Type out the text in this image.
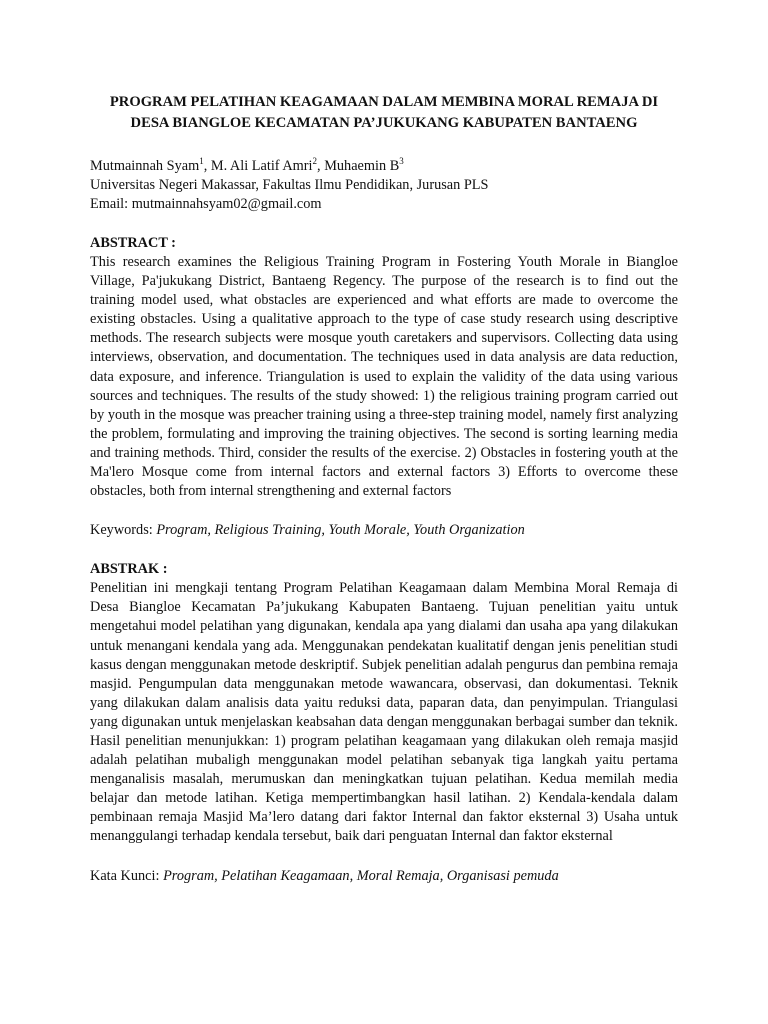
PROGRAM PELATIHAN KEAGAMAAN DALAM MEMBINA MORAL REMAJA DI
DESA BIANGLOE KECAMATAN PA’JUKUKANG KABUPATEN BANTAENG

Mutmainnah Syam$^1$, M. Ali Latif Amri$^2$, Muhaemin $B^3$

Universitas Negeri Makassar, Fakultas Ilmu Pendidikan, Jurusan PLS

Email: mutmainnahsyam02@gmail.com

ABSTRACT :

This research examines the Religious Training Program in Fostering Youth Morale in Biangloe Village, Pa'jukukang District, Bantaeng Regency. The purpose of the research is to find out the training model used, what obstacles are experienced and what efforts are made to overcome the existing obstacles. Using a qualitative approach to the type of case study research using descriptive methods. The research subjects were mosque youth caretakers and supervisors. Collecting data using interviews, observation, and documentation. The techniques used in data analysis are data reduction, data exposure, and inference. Triangulation is used to explain the validity of the data using various sources and techniques. The results of the study showed: 1) the religious training program carried out by youth in the mosque was preacher training using a three-step training model, namely first analyzing the problem, formulating and improving the training objectives. The second is sorting learning media and training methods. Third, consider the results of the exercise. 2) Obstacles in fostering youth at the Ma'lero Mosque come from internal factors and external factors 3) Efforts to overcome these obstacles, both from internal strengthening and external factors

Keywords: Program, Religious Training, Youth Morale, Youth Organization

ABSTRAK :

Penelitian ini mengkaji tentang Program Pelatihan Keagamaan dalam Membina Moral Remaja di Desa Biangloe Kecamatan Pa’jukukang Kabupaten Bantaeng. Tujuan penelitian yaitu untuk mengetahui model pelatihan yang digunakan, kendala apa yang dialami dan usaha apa yang dilakukan untuk menangani kendala yang ada. Menggunakan pendekatan kualitatif dengan jenis penelitian studi kasus dengan menggunakan metode deskriptif. Subjek penelitian adalah pengurus dan pembina remaja masjid. Pengumpulan data menggunakan metode wawancara, observasi, dan dokumentasi. Teknik yang dilakukan dalam analisis data yaitu reduksi data, paparan data, dan penyimpulan. Triangulasi yang digunakan untuk menjelaskan keabsahan data dengan menggunakan berbagai sumber dan teknik. Hasil penelitian menunjukkan: 1) program pelatihan keagamaan yang dilakukan oleh remaja masjid adalah pelatihan mubaligh menggunakan model pelatihan sebanyak tiga langkah yaitu pertama menganalisis masalah, merumuskan dan meningkatkan tujuan pelatihan. Kedua memilah media belajar dan metode latihan. Ketiga mempertimbangkan hasil latihan. 2) Kendala-kendala dalam pembinaan remaja Masjid Ma’lero datang dari faktor Internal dan faktor eksternal 3) Usaha untuk menanggulangi terhadap kendala tersebut, baik dari penguatan Internal dan faktor eksternal

Kata Kunci: Program, Pelatihan Keagamaan, Moral Remaja, Organisasi pemuda
